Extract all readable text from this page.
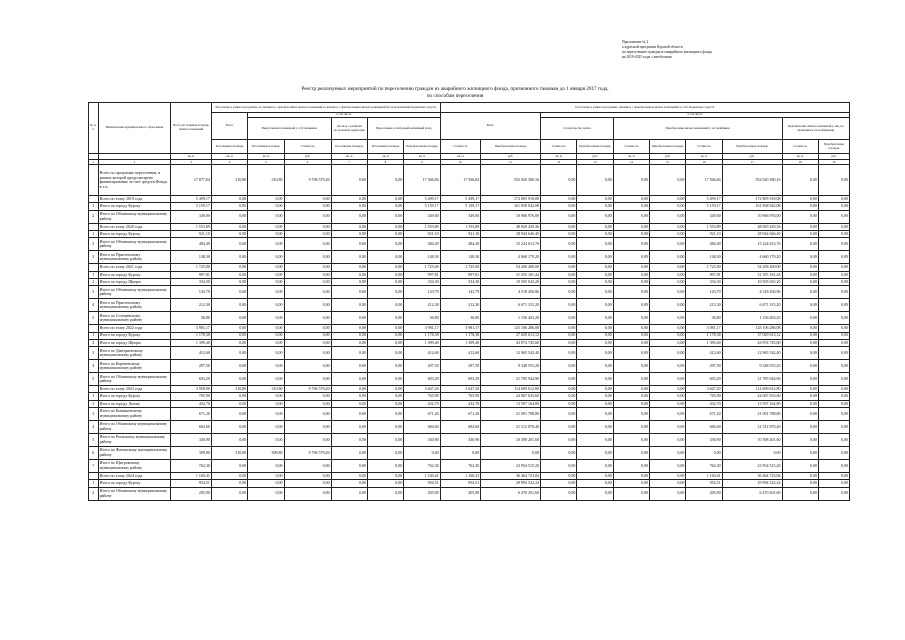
Приложение № 2
к адресной программе Курской области
по переселению граждан из аварийного жилищного фонда
на 2019-2025 годы с автобусным
Реестр реализуемых мероприятий по переселению граждан из аварийного жилищного фонда, признанного таковым до 1 января 2017 года,
по способам переселения
№ п/п	Наименование муниципального образования	Всего расселяемая площадь жилых помещений	Расселение в рамках программы, не связанное с приобретением жилых помещений и связанное с приобретением жилых помещений без использования бюджетных средств						Расселение в рамках программы, связанное с приобретением жилых помещений за счет бюджетных средств									
			Всего	в том числе					Всего		в том числе							
				Выкуп жилых помещений у собственников		Договор о развитии застроенной территории	Переселение в свободный жилищный фонд				Строительство домов		Приобретение жилых помещений у застройщиков				Приобретение жилых помещений у лиц, не являющихся застройщиками	
			Расселяемая площадь	Расселяемая площадь	Стоимость	Расселяемая площадь	Расселяемая площадь	Приобретаемая площадь	Стоимость	Приобретаемая площадь	Стоимость	Приобретаемая площадь	Стоимость	Приобретаемая площадь	Стоимость	Приобретаемая площадь	Стоимость	Приобретаемая площадь
		кв. м	кв. м	кв. м	руб.	кв. м	кв. м	кв. м	кв. м	руб.	кв. м	руб.	кв. м	руб.	кв. м	руб.	кв. м	руб.
1	2	3	4	5	6	7	8	9	10	11	12	13	14	15	16	17	18	19
	Всего по программе переселения, в рамках которой предусмотрено финансирование за счет средств Фонда, в т.ч.:	17 877,64	310,80	310,80	9 706 579,20	0,00	0,00	17 566,84	17 566,84	552 020 380,16	0,00	0,00	0,00	0,00	17 566,84	552 020 380,16	0,00	0,00
	Всего по этапу 2019 года	5 499,17	0,00	0,00	0,00	0,00	0,00	5 499,17	5 499,17	172 805 918,08	0,00	0,00	0,00	0,00	5 499,17	172 805 918,08	0,00	0,00
1	Итого по городу Курску	5 159,17	0,00	0,00	0,00	0,00	0,00	5 159,17	5 159,17	161 838 942,08	0,00	0,00	0,00	0,00	5 159,17	161 838 942,08	0,00	0,00
2	Итого по Обоянскому муниципальному району	349,00	0,00	0,00	0,00	0,00	0,00	349,00	349,00	10 966 976,00	0,00	0,00	0,00	0,00	349,00	10 966 976,00	0,00	0,00
	Всего по этапу 2020 года	1 553,89	0,00	0,00	0,00	0,00	0,00	1 553,89	1 553,89	48 829 429,36	0,00	0,00	0,00	0,00	1 553,89	48 829 429,36	0,00	0,00
1	Итого по городу Курску	921,10	0,00	0,00	0,00	0,00	0,00	921,10	921,10	28 944 646,40	0,00	0,00	0,00	0,00	921,10	28 944 646,40	0,00	0,00
2	Итого по Обоянскому муниципальному району	484,49	0,00	0,00	0,00	0,00	0,00	484,49	484,49	15 224 613,76	0,00	0,00	0,00	0,00	484,49	15 224 613,76	0,00	0,00
3	Итого по Пристенскому муниципальному району	148,30	0,00	0,00	0,00	0,00	0,00	148,30	148,30	4 660 179,20	0,00	0,00	0,00	0,00	148,30	4 660 179,20	0,00	0,00
	Всего по этапу 2021 года	1 725,00	0,00	0,00	0,00	0,00	0,00	1 725,00	1 725,00	54 206 400,00	0,00	0,00	0,00	0,00	1 725,00	54 206 400,00	0,00	0,00
1	Итого по городу Курску	997,81	0,00	0,00	0,00	0,00	0,00	997,81	997,81	31 355 181,44	0,00	0,00	0,00	0,00	997,81	31 355 181,44	0,00	0,00
2	Итого по городу Щигры	334,30	0,00	0,00	0,00	0,00	0,00	334,30	334,30	10 505 043,20	0,00	0,00	0,00	0,00	334,30	10 505 043,20	0,00	0,00
3	Итого по Обоянскому муниципальному району	143,79	0,00	0,00	0,00	0,00	0,00	143,79	143,79	4 518 456,96	0,00	0,00	0,00	0,00	143,79	4 518 456,96	0,00	0,00
4	Итого по Пристенскому муниципальному району	212,30	0,00	0,00	0,00	0,00	0,00	212,30	212,30	6 671 315,20	0,00	0,00	0,00	0,00	212,30	6 671 315,20	0,00	0,00
5	Итого по Солнцевскому муниципальному району	36,80	0,00	0,00	0,00	0,00	0,00	36,80	36,80	1 156 403,20	0,00	0,00	0,00	0,00	36,80	1 156 403,20	0,00	0,00
	Всего по этапу 2022 года	3 981,17	0,00	0,00	0,00	0,00	0,00	3 981,17	3 981,17	125 106 286,08	0,00	0,00	0,00	0,00	3 981,17	125 106 286,08	0,00	0,00
1	Итого по городу Курску	1 178,38	0,00	0,00	0,00	0,00	0,00	1 178,38	1 178,38	37 029 613,12	0,00	0,00	0,00	0,00	1 178,38	37 029 613,12	0,00	0,00
2	Итого по городу Щигры	1 399,40	0,00	0,00	0,00	0,00	0,00	1 399,40	1 399,40	43 974 745,60	0,00	0,00	0,00	0,00	1 399,40	43 974 745,60	0,00	0,00
3	Итого по Дмитриевскому муниципальному району	412,60	0,00	0,00	0,00	0,00	0,00	412,60	412,60	12 965 542,40	0,00	0,00	0,00	0,00	412,60	12 965 542,40	0,00	0,00
4	Итого по Кореневскому муниципальному району	297,50	0,00	0,00	0,00	0,00	0,00	297,50	297,50	9 348 555,20	0,00	0,00	0,00	0,00	297,50	9 348 555,20	0,00	0,00
5	Итого по Обоянскому муниципальному району	693,29	0,00	0,00	0,00	0,00	0,00	693,29	693,29	21 785 944,96	0,00	0,00	0,00	0,00	693,29	21 785 944,96	0,00	0,00
	Всего по этапу 2023 года	3 958,00	310,80	310,80	9 706 579,20	0,00	0,00	3 647,20	3 647,20	114 609 612,80	0,00	0,00	0,00	0,00	3 647,20	114 609 612,80	0,00	0,00
1	Итого по городу Курску	765,90	0,00	0,00	0,00	0,00	0,00	765,90	765,90	24 067 633,60	0,00	0,00	0,00	0,00	765,90	24 067 633,60	0,00	0,00
2	Итого по городу Льгову	432,70	0,00	0,00	0,00	0,00	0,00	432,70	432,70	13 597 164,80	0,00	0,00	0,00	0,00	432,70	13 597 164,80	0,00	0,00
3	Итого по Конышевскому муниципальному району	671,20	0,00	0,00	0,00	0,00	0,00	671,20	671,20	21 091 788,80	0,00	0,00	0,00	0,00	671,20	21 091 788,80	0,00	0,00
4	Итого по Обоянскому муниципальному району	684,60	0,00	0,00	0,00	0,00	0,00	684,60	684,60	21 512 870,40	0,00	0,00	0,00	0,00	684,60	21 512 870,40	0,00	0,00
5	Итого по Рыльскому муниципальному району	330,90	0,00	0,00	0,00	0,00	0,00	330,90	330,90	10 398 201,60	0,00	0,00	0,00	0,00	330,90	10 398 201,60	0,00	0,00
6	Итого по Фатежскому муниципальному району	309,80	310,80	309,80	9 706 579,20	0,00	0,00	0,00	0,00	0,00	0,00	0,00	0,00	0,00	0,00	0,00	0,00	0,00
7	Итого по Щигровскому муниципальному району	762,30	0,00	0,00	0,00	0,00	0,00	762,30	762,30	23 954 515,20	0,00	0,00	0,00	0,00	762,30	23 954 515,20	0,00	0,00
	Всего по этапу 2024 года	1 160,41	0,00	0,00	0,00	0,00	0,00	1 160,41	1 160,41	36 464 723,84	0,00	0,00	0,00	0,00	1 160,41	36 464 723,84	0,00	0,00
1	Итого по городу Курску	954,51	0,00	0,00	0,00	0,00	0,00	954,51	954,51	29 994 522,24	0,00	0,00	0,00	0,00	954,51	29 994 522,24	0,00	0,00
2	Итого по Обоянскому муниципальному району	205,90	0,00	0,00	0,00	0,00	0,00	205,90	205,90	6 470 201,60	0,00	0,00	0,00	0,00	205,90	6 470 201,60	0,00	0,00
